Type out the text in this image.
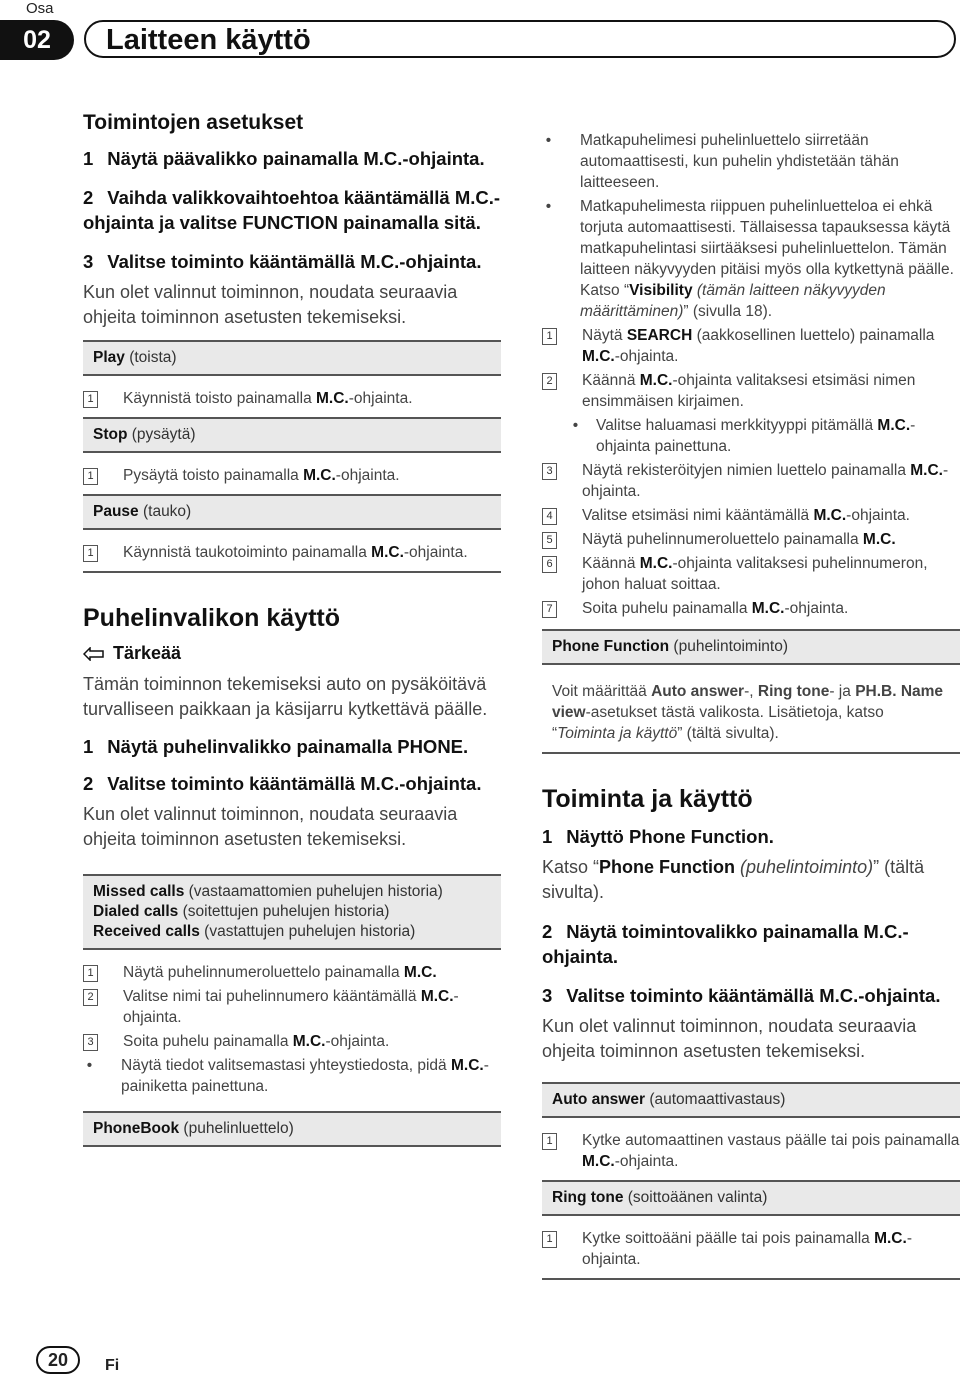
Osa
02	Laitteen käyttö
Toimintojen asetukset
1 Näytä päävalikko painamalla M.C.-ohjainta.
2 Vaihda valikkovaihtoehtoa kääntämällä M.C.-ohjainta ja valitse FUNCTION painamalla sitä.
3 Valitse toiminto kääntämällä M.C.-ohjainta.
Kun olet valinnut toiminnon, noudata seuraavia ohjeita toiminnon asetusten tekemiseksi.
Play (toista)
1 Käynnistä toisto painamalla M.C.-ohjainta.
Stop (pysäytä)
1 Pysäytä toisto painamalla M.C.-ohjainta.
Pause (tauko)
1 Käynnistä taukotoiminto painamalla M.C.-ohjainta.
Puhelinvalikon käyttö
Tärkeää
Tämän toiminnon tekemiseksi auto on pysäköitävä turvalliseen paikkaan ja käsijarru kytkettävä päälle.
1 Näytä puhelinvalikko painamalla PHONE.
2 Valitse toiminto kääntämällä M.C.-ohjainta.
Kun olet valinnut toiminnon, noudata seuraavia ohjeita toiminnon asetusten tekemiseksi.
Missed calls (vastaamattomien puhelujen historia)
Dialed calls (soitettujen puhelujen historia)
Received calls (vastattujen puhelujen historia)
1 Näytä puhelinnumeroluettelo painamalla M.C.
2 Valitse nimi tai puhelinnumero kääntämällä M.C.-ohjainta.
3 Soita puhelu painamalla M.C.-ohjainta.
• Näytä tiedot valitsemastasi yhteystiedosta, pidä M.C.-painiketta painettuna.
PhoneBook (puhelinluettelo)
• Matkapuhelimesi puhelinluettelo siirretään automaattisesti, kun puhelin yhdistetään tähän laitteeseen.
• Matkapuhelimesta riippuen puhelinluetteloa ei ehkä torjuta automaattisesti. Tällaisessa tapauksessa käytä matkapuhelintasi siirtääksesi puhelinluettelon. Tämän laitteen näkyvyyden pitäisi myös olla kytkettynä päälle. Katso “Visibility (tämän laitteen näkyvyyden määrittäminen)” (sivulla 18).
1 Näytä SEARCH (aakkosellinen luettelo) painamalla M.C.-ohjainta.
2 Käännä M.C.-ohjainta valitaksesi etsimäsi nimen ensimmäisen kirjaimen.
• Valitse haluamasi merkkityyppi pitämällä M.C.-ohjainta painettuna.
3 Näytä rekisteröityjen nimien luettelo painamalla M.C.-ohjainta.
4 Valitse etsimäsi nimi kääntämällä M.C.-ohjainta.
5 Näytä puhelinnumeroluettelo painamalla M.C.
6 Käännä M.C.-ohjainta valitaksesi puhelinnumeron, johon haluat soittaa.
7 Soita puhelu painamalla M.C.-ohjainta.
Phone Function (puhelintoiminto)
Voit määrittää Auto answer-, Ring tone- ja PH.B. Name view-asetukset tästä valikosta. Lisätietoja, katso “Toiminta ja käyttö” (tältä sivulta).
Toiminta ja käyttö
1 Näyttö Phone Function.
Katso “Phone Function (puhelintoiminto)” (tältä sivulta).
2 Näytä toimintovalikko painamalla M.C.-ohjainta.
3 Valitse toiminto kääntämällä M.C.-ohjainta.
Kun olet valinnut toiminnon, noudata seuraavia ohjeita toiminnon asetusten tekemiseksi.
Auto answer (automaattivastaus)
1 Kytke automaattinen vastaus päälle tai pois painamalla M.C.-ohjainta.
Ring tone (soittoäänen valinta)
1 Kytke soittoääni päälle tai pois painamalla M.C.-ohjainta.
20	Fi
